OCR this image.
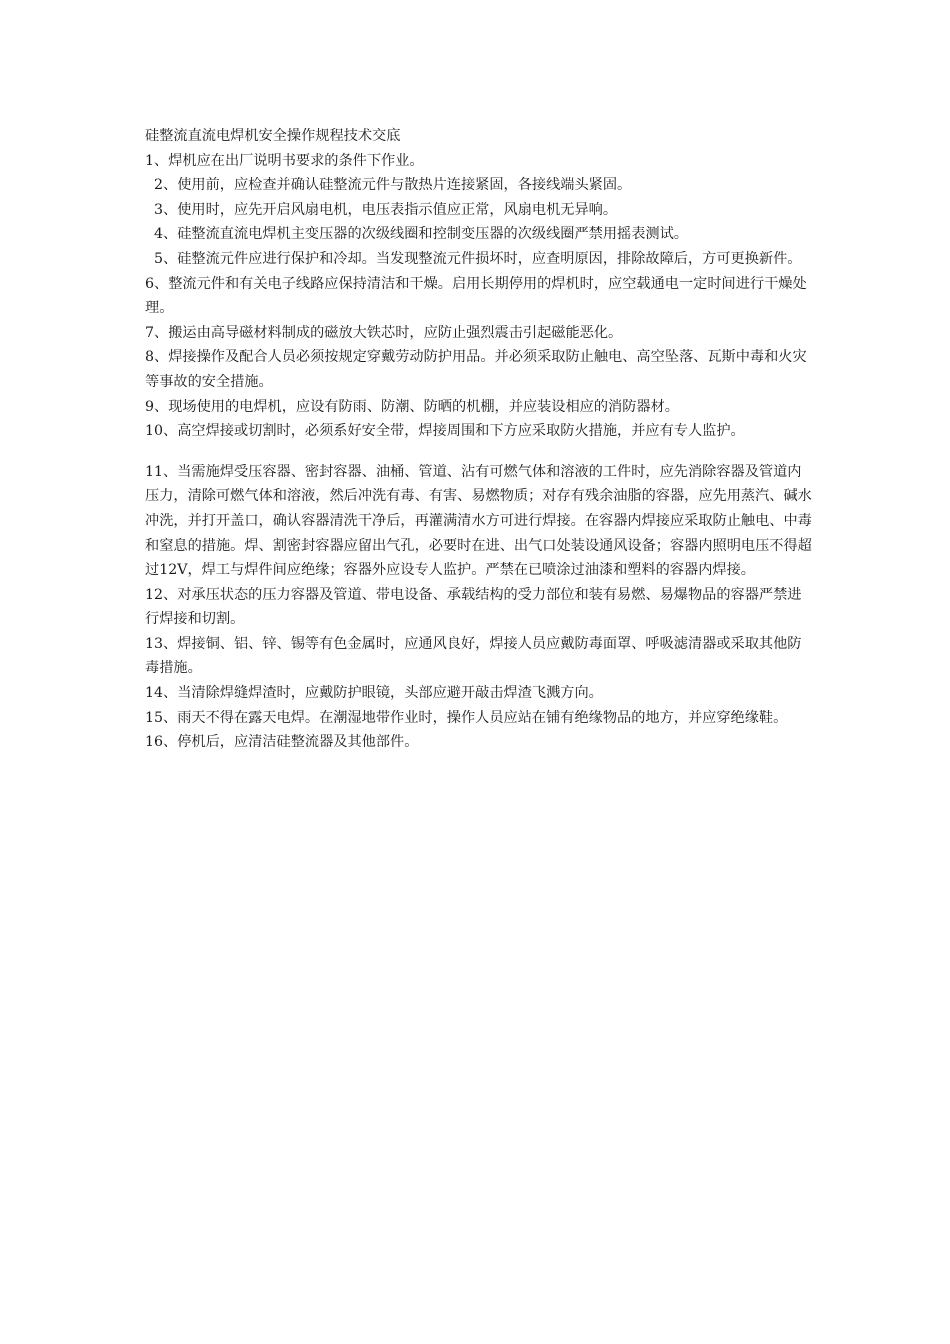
硅整流直流电焊机安全操作规程技术交底

1、焊机应在出厂说明书要求的条件下作业。

2、使用前，应检查并确认硅整流元件与散热片连接紧固，各接线端头紧固。

3、使用时，应先开启风扇电机，电压表指示值应正常，风扇电机无异响。

4、硅整流直流电焊机主变压器的次级线圈和控制变压器的次级线圈严禁用摇表测试。

5、硅整流元件应进行保护和冷却。当发现整流元件损坏时，应查明原因，排除故障后，方可更换新件。

6、整流元件和有关电子线路应保持清洁和干燥。启用长期停用的焊机时，应空载通电一定时间进行干燥处理。

7、搬运由高导磁材料制成的磁放大铁芯时，应防止强烈震击引起磁能恶化。

8、焊接操作及配合人员必须按规定穿戴劳动防护用品。并必须采取防止触电、高空坠落、瓦斯中毒和火灾等事故的安全措施。

9、现场使用的电焊机，应设有防雨、防潮、防晒的机棚，并应装设相应的消防器材。

10、高空焊接或切割时，必须系好安全带，焊接周围和下方应采取防火措施，并应有专人监护。

11、当需施焊受压容器、密封容器、油桶、管道、沾有可燃气体和溶液的工件时，应先消除容器及管道内压力，清除可燃气体和溶液，然后冲洗有毒、有害、易燃物质；对存有残余油脂的容器，应先用蒸汽、碱水冲洗，并打开盖口，确认容器清洗干净后，再灌满清水方可进行焊接。在容器内焊接应采取防止触电、中毒和窒息的措施。焊、割密封容器应留出气孔，必要时在进、出气口处装设通风设备；容器内照明电压不得超过12V，焊工与焊件间应绝缘；容器外应设专人监护。严禁在已喷涂过油漆和塑料的容器内焊接。

12、对承压状态的压力容器及管道、带电设备、承载结构的受力部位和装有易燃、易爆物品的容器严禁进行焊接和切割。

13、焊接铜、铝、锌、锡等有色金属时，应通风良好，焊接人员应戴防毒面罩、呼吸滤清器或采取其他防毒措施。

14、当清除焊缝焊渣时，应戴防护眼镜，头部应避开敲击焊渣飞溅方向。

15、雨天不得在露天电焊。在潮湿地带作业时，操作人员应站在铺有绝缘物品的地方，并应穿绝缘鞋。

16、停机后，应清洁硅整流器及其他部件。
